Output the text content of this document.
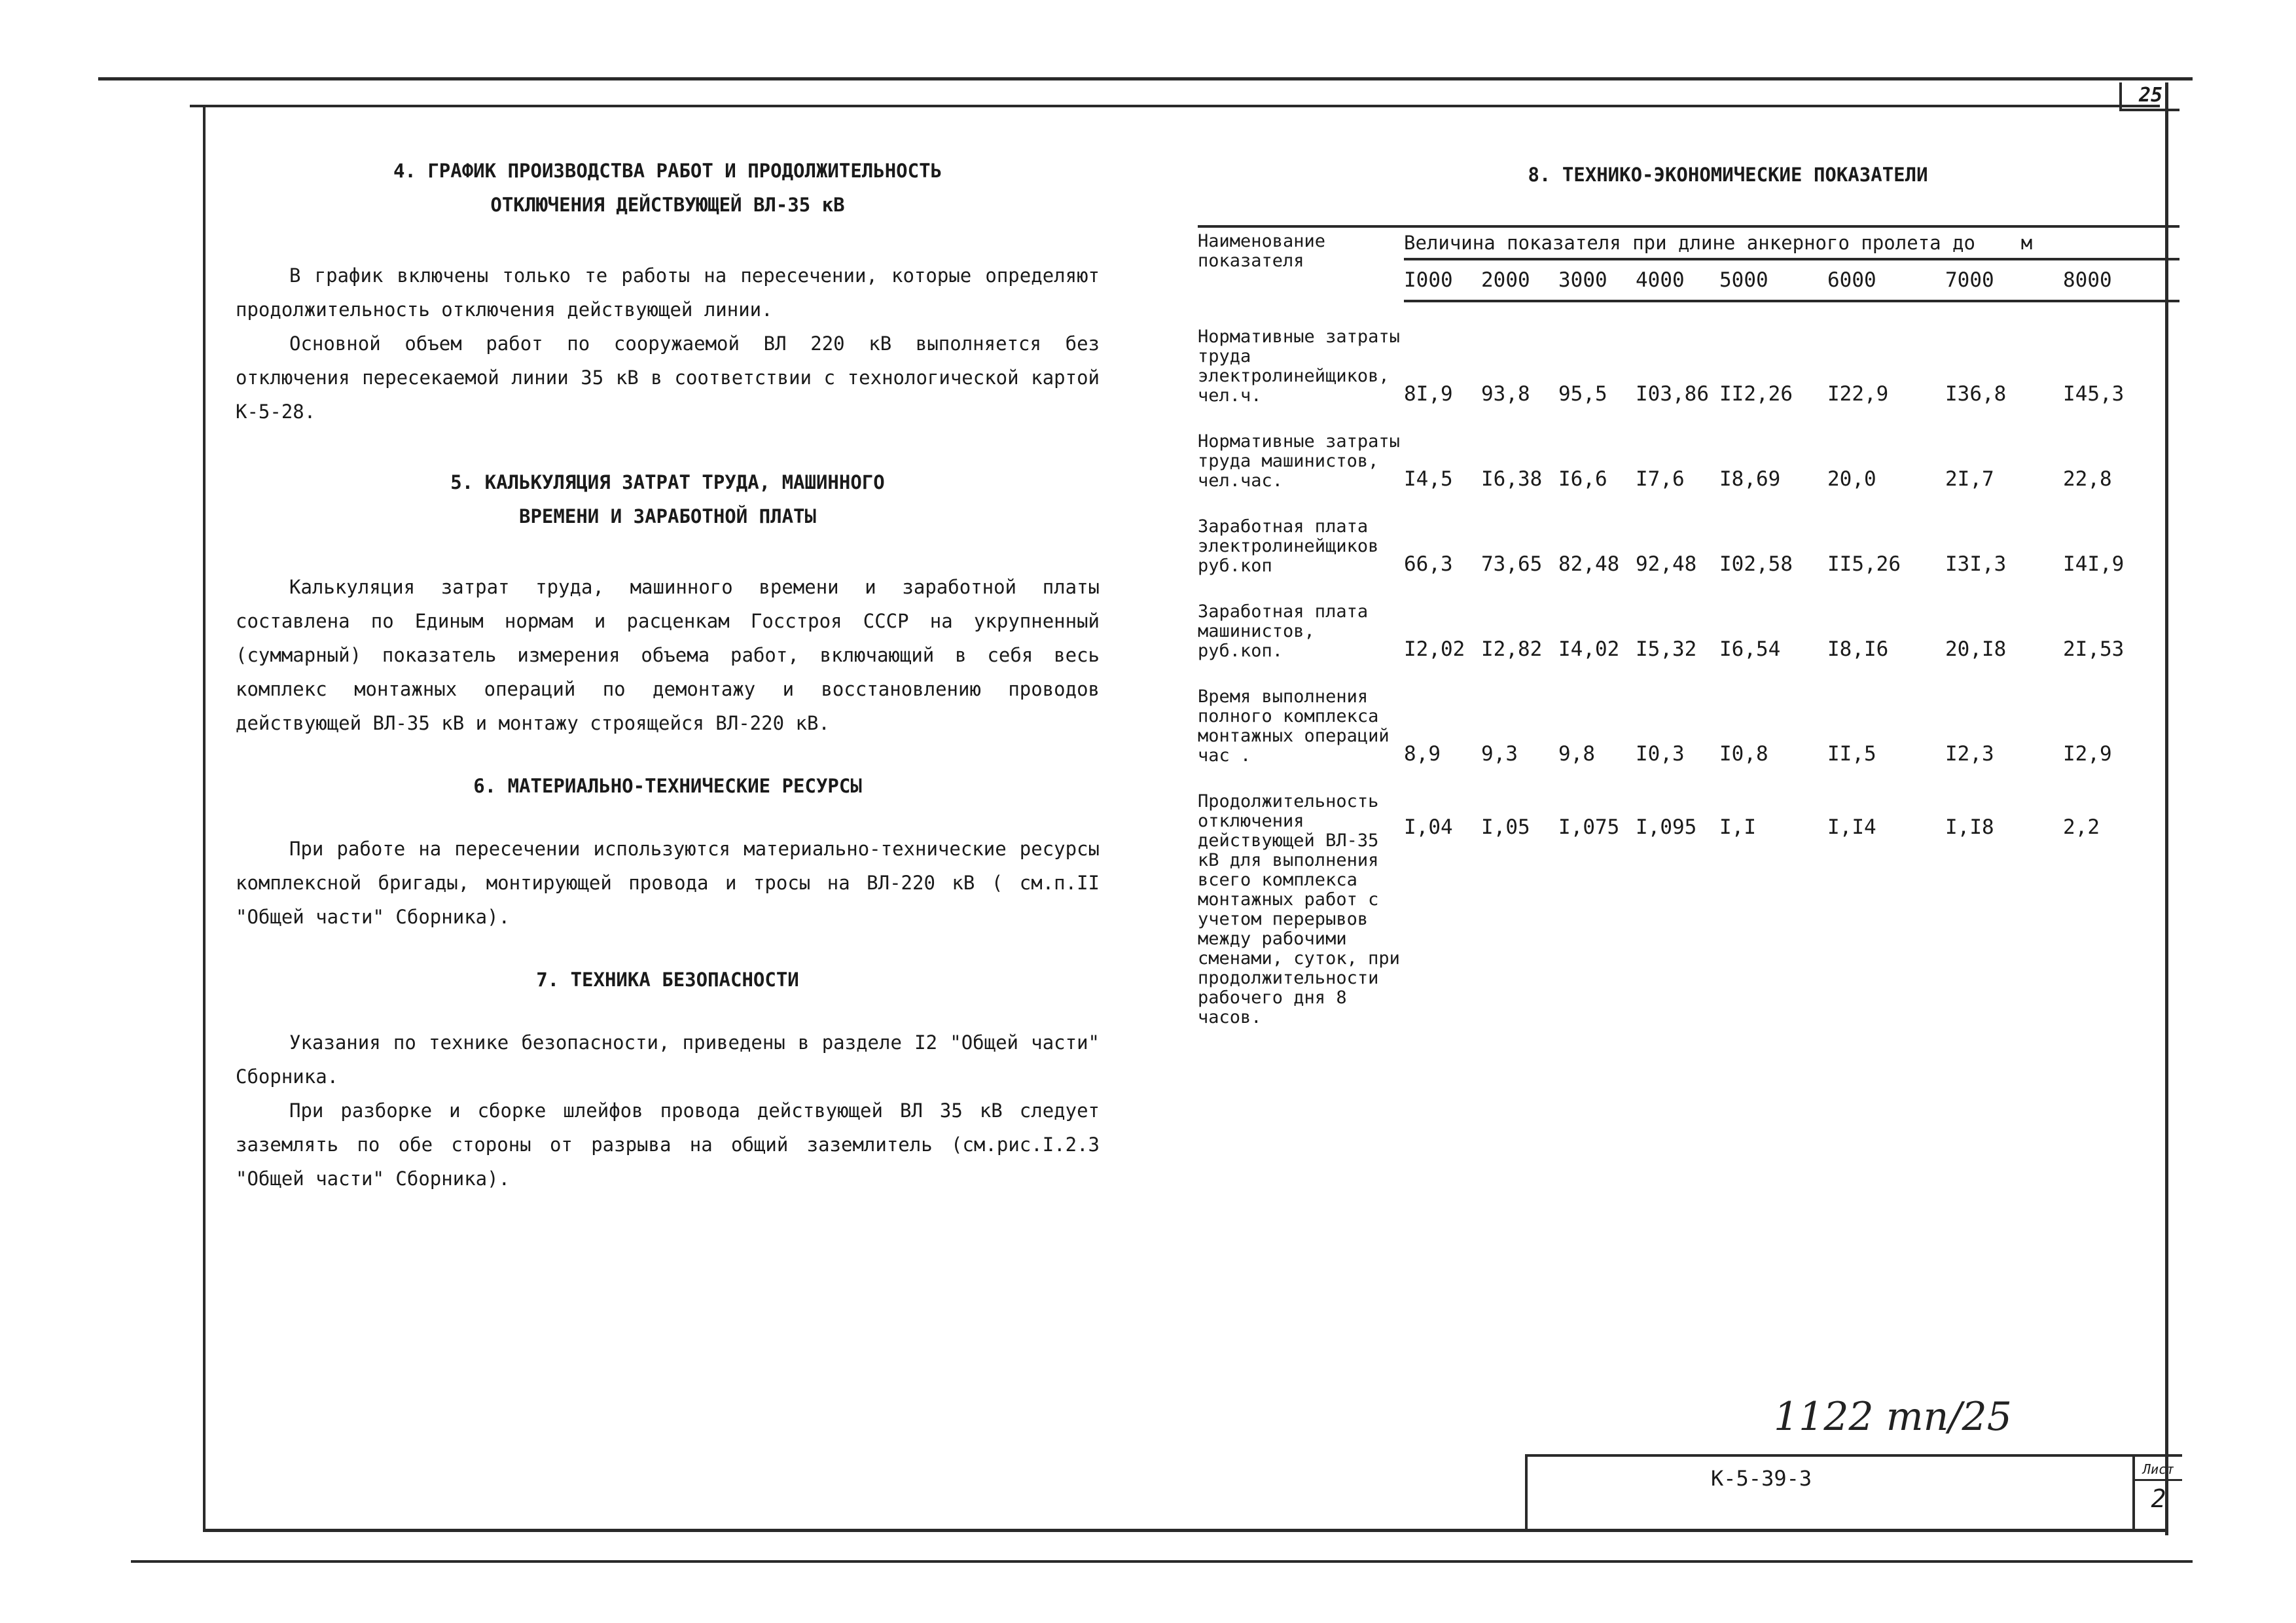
25

4. ГРАФИК ПРОИЗВОДСТВА РАБОТ И ПРОДОЛЖИТЕЛЬНОСТЬ

ОТКЛЮЧЕНИЯ ДЕЙСТВУЮЩЕЙ ВЛ-35 кВ

В график включены только те работы на пересечении, которые определяют продолжительность отключения действующей линии.

Основной объем работ по сооружаемой ВЛ 220 кВ выполняется без отключения пересекаемой линии 35 кВ в соответствии с технологической картой К-5-28.

5. КАЛЬКУЛЯЦИЯ ЗАТРАТ ТРУДА, МАШИННОГО

ВРЕМЕНИ И ЗАРАБОТНОЙ ПЛАТЫ

Калькуляция затрат труда, машинного времени и заработной платы составлена по Единым нормам и расценкам Госстроя СССР на укрупненный (суммарный) показатель измерения объема работ, включающий в себя весь комплекс монтажных операций по демонтажу и восстановлению проводов действующей ВЛ-35 кВ и монтажу строящейся ВЛ-220 кВ.

6. МАТЕРИАЛЬНО-ТЕХНИЧЕСКИЕ РЕСУРСЫ

При работе на пересечении используются материально-технические ресурсы комплексной бригады, монтирующей провода и тросы на ВЛ-220 кВ ( см.п.II "Общей части" Сборника).

7. ТЕХНИКА БЕЗОПАСНОСТИ

Указания по технике безопасности, приведены в разделе I2 "Общей части" Сборника.

При разборке и сборке шлейфов провода действующей ВЛ 35 кВ следует заземлять по обе стороны от разрыва на общий заземлитель (см.рис.I.2.3 "Общей части" Сборника).

8. ТЕХНИКО-ЭКОНОМИЧЕСКИЕ ПОКАЗАТЕЛИ

Наименование показателя	Величина показателя при длине анкерного пролета до    м							
	I000	2000	3000	4000	5000	6000	7000	8000

Нормативные затраты труда электролинейщиков, чел.ч.	8I,9	93,8	95,5	I03,86	II2,26	I22,9	I36,8	I45,3

Нормативные затраты труда машинистов, чел.час.	I4,5	I6,38	I6,6	I7,6	I8,69	20,0	2I,7	22,8

Заработная плата электролинейщиков руб.коп	66,3	73,65	82,48	92,48	I02,58	II5,26	I3I,3	I4I,9

Заработная плата машинистов, руб.коп.	I2,02	I2,82	I4,02	I5,32	I6,54	I8,I6	20,I8	2I,53

Время выполнения полного комплекса монтажных операций час .	8,9	9,3	9,8	I0,3	I0,8	II,5	I2,3	I2,9

Продолжительность отключения действующей ВЛ-35 кВ для выполнения всего комплекса монтажных работ с учетом перерывов между рабочими сменами, суток, при продолжительности рабочего дня 8 часов.	I,04	I,05	I,075	I,095	I,I	I,I4	I,I8	2,2
1122 тп/25
К-5-39-3	Лист
2
